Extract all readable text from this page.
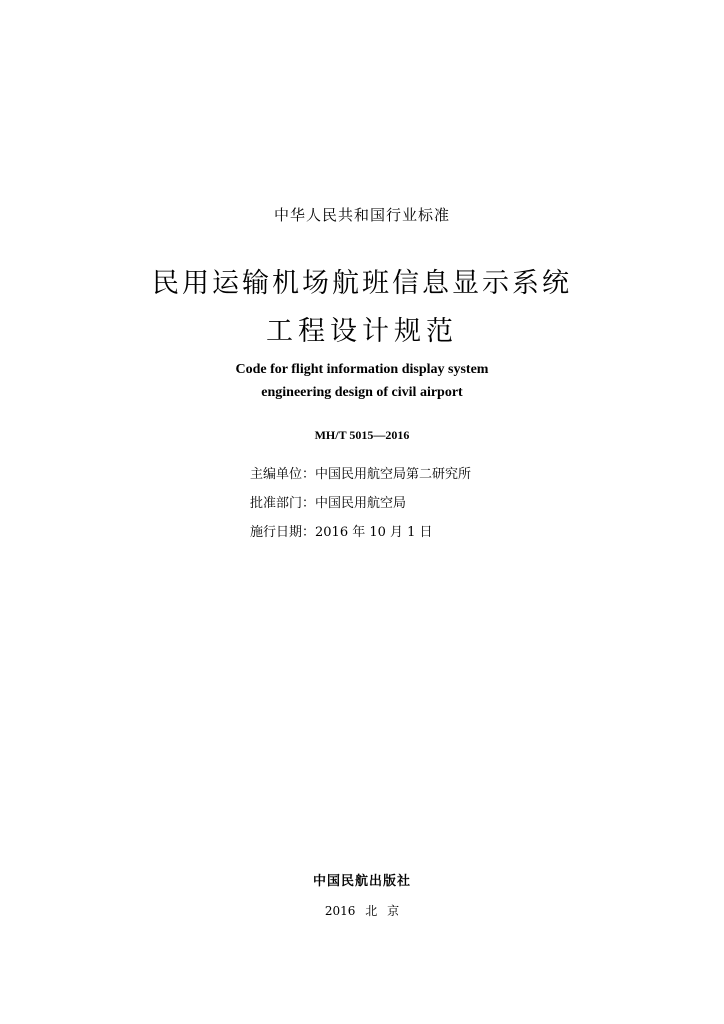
中华人民共和国行业标准
民用运输机场航班信息显示系统
工程设计规范
Code for flight information display system
engineering design of civil airport
MH/T 5015—2016
主编单位：中国民用航空局第二研究所
批准部门：中国民用航空局
施行日期：2016 年 10 月 1 日
中国民航出版社
2016 北 京
